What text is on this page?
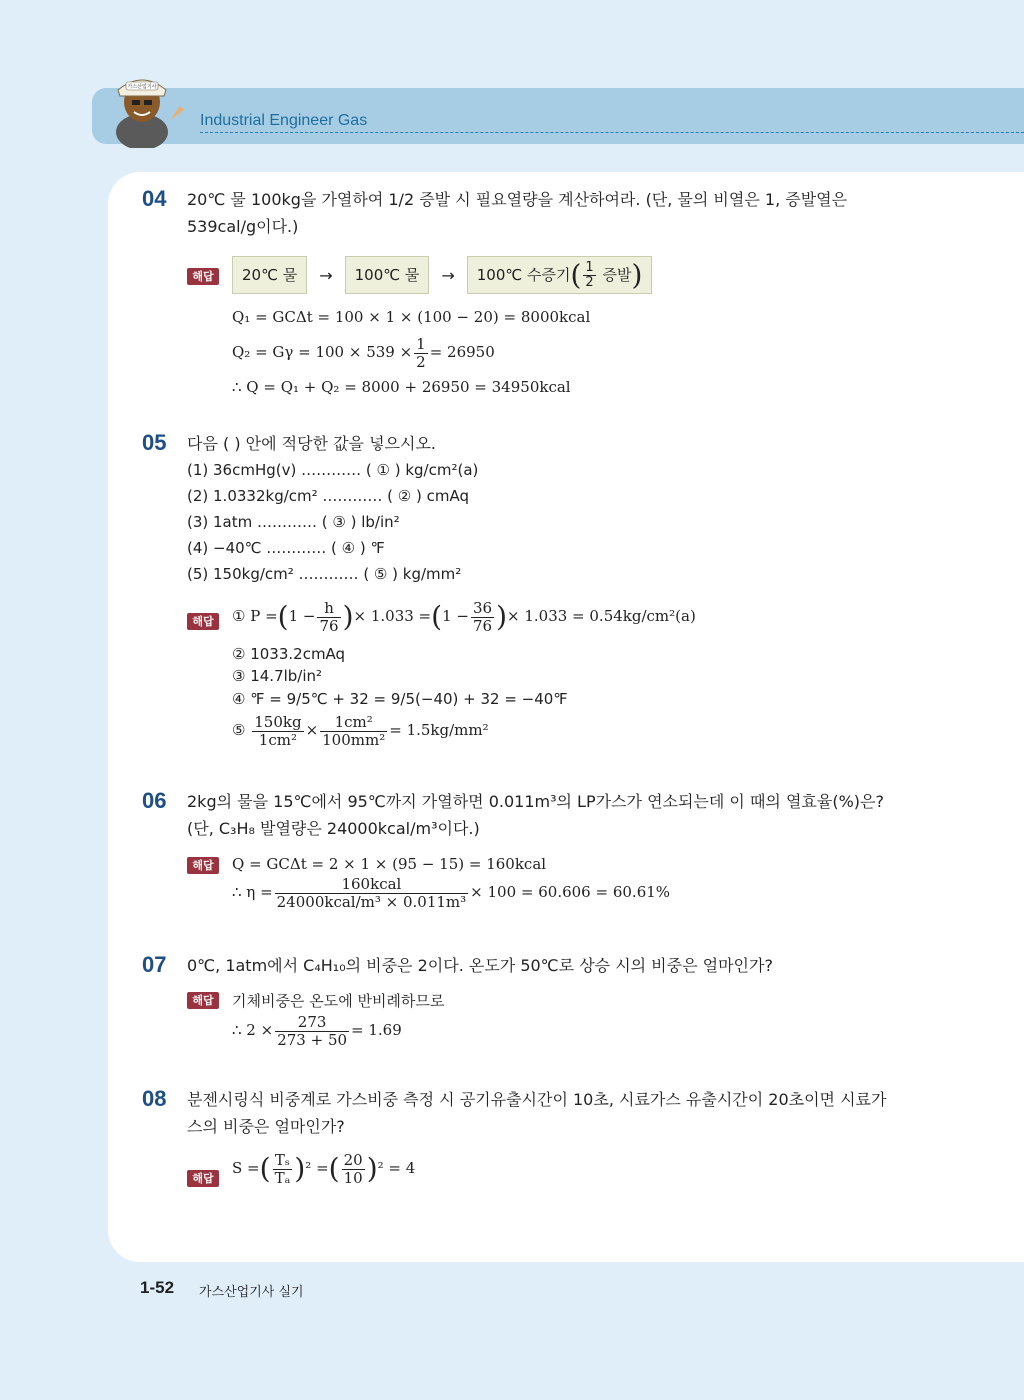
Industrial Engineer Gas
가스산업기사
04 20℃ 물 100kg을 가열하여 1/2 증발 시 필요열량을 계산하여라. (단, 물의 비열은 1, 증발열은 539cal/g이다.)
해답	20℃ 물 → 100℃ 물 → 100℃ 수증기( $\frac{1}{2}$ 증발)
Q₁ = GCΔt = 100 × 1 × (100 − 20) = 8000kcal
$Q_2 = G\gamma = 100 \times 539 \times \frac{1}{2} = 26950$
∴ Q = Q₁ + Q₂ = 8000 + 26950 = 34950kcal
05 다음 ( ) 안에 적당한 값을 넣으시오.
(1) 36cmHg(v) ………… ( ① ) kg/cm²(a)
(2) 1.0332kg/cm² ………… ( ② ) cmAq
(3) 1atm ………… ( ③ ) lb/in²
(4) −40℃ ………… ( ④ ) ℉
(5) 150kg/cm² ………… ( ⑤ ) kg/mm²
해답	① $P =(1 - \frac{h}{76}$ )× $1.033 =(1 - \frac{36}{76}$ )× 1.033 = 0.54kg/cm²(a)
② 1033.2cmAq
③ 14.7lb/in²
④ ℉ = 9/5℃ + 32 = 9/5(−40) + 32 = −40℉
⑤ $\frac{150kg}{\text{1cm²}} \times \frac{\text{1cm²}}{\text{100mm²}} = 1.5kg/mm^2$
06 2kg의 물을 15℃에서 95℃까지 가열하면 0.011m³의 LP가스가 연소되는데 이 때의 열효율(%)은? (단, C₃H₈ 발열량은 24000kcal/m³이다.)
해답	Q = GCΔt = 2 × 1 × (95 − 15) = 160kcal
∴ $\eta = \frac{\text{160kcal}}{\text{24000kcal/m³ × 0.011m³}} \times 100 = 60.606 = 60.61\%$
07 0℃, 1atm에서 C₄H₁₀의 비중은 2이다. 온도가 50℃로 상승 시의 비중은 얼마인가?
해답	기체비중은 온도에 반비례하므로
∴ $2 \times \frac{273}{273 + 50} = 1.69$
08 분젠시링식 비중계로 가스비중 측정 시 공기유출시간이 10초, 시료가스 유출시간이 20초이면 시료가스의 비중은 얼마인가?
해답
S =( $\frac{\text{Tₛ}}{\text{Tₐ}} )^2$ =( $\frac{20}{10} )^2 = 4$
1-52 가스산업기사 실기
